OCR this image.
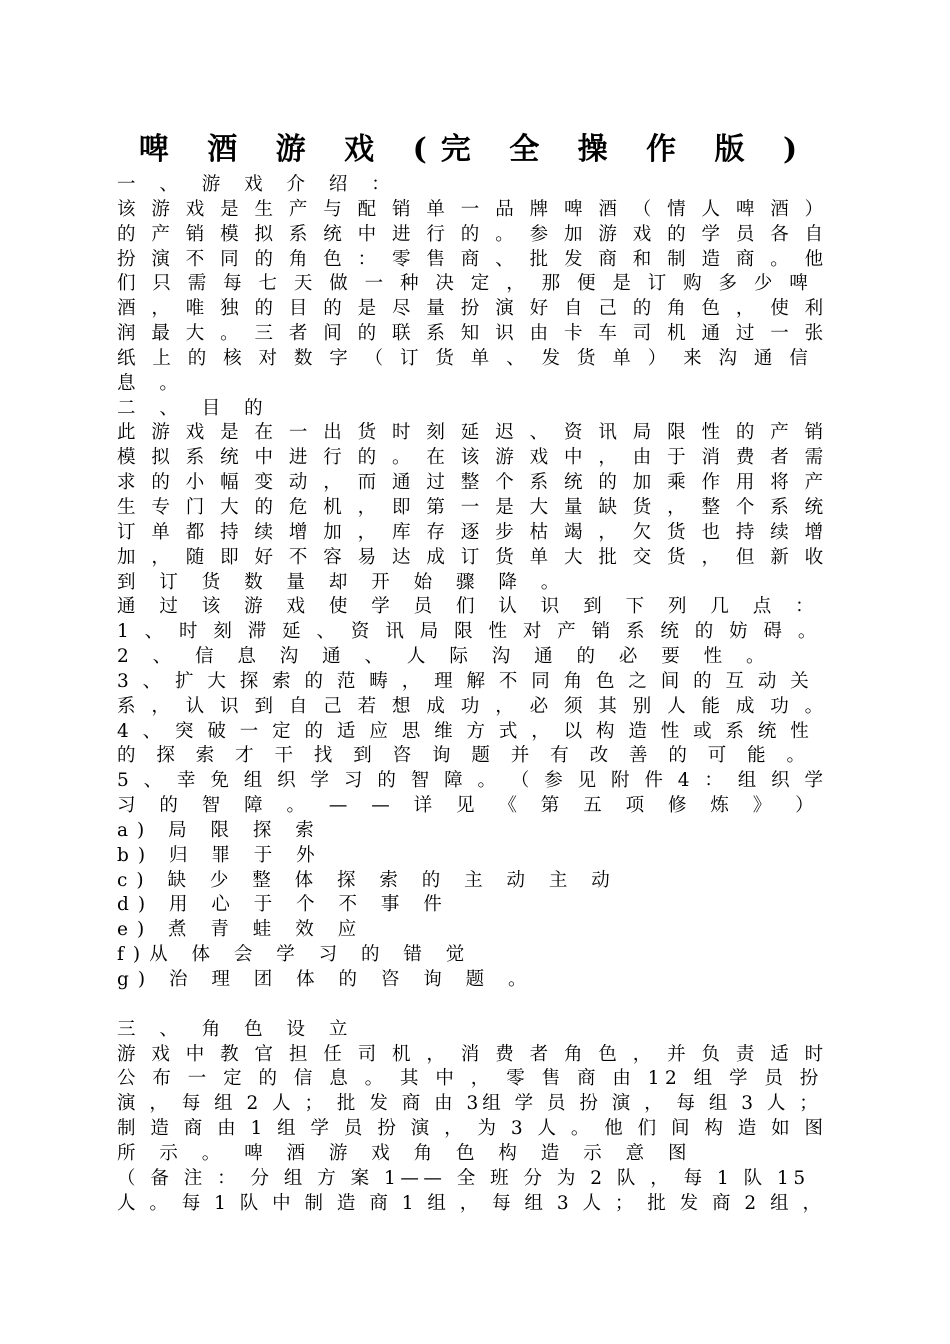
啤 酒 游 戏 (完 全 操 作 版 )
一 、 游 戏 介 绍 ：
该 游 戏 是 生 产 与 配 销 单 一 品 牌 啤 酒 （ 情 人 啤 酒 ）
的 产 销 模 拟 系 统 中 进 行 的 。 参 加 游 戏 的 学 员 各 自
扮 演 不 同 的 角 色 ： 零 售 商 、 批 发 商 和 制 造 商 。 他
们 只 需 每 七 天 做 一 种 决 定 ， 那 便 是 订 购 多 少 啤
酒 ， 唯 独 的 目 的 是 尽 量 扮 演 好 自 己 的 角 色 ， 使 利
润 最 大 。 三 者 间 的 联 系 知 识 由 卡 车 司 机 通 过 一 张
纸 上 的 核 对 数 字 （ 订 货 单 、 发 货 单 ） 来 沟 通 信
息 。
二 、 目 的
此 游 戏 是 在 一 出 货 时 刻 延 迟 、 资 讯 局 限 性 的 产 销
模 拟 系 统 中 进 行 的 。 在 该 游 戏 中 ， 由 于 消 费 者 需
求 的 小 幅 变 动 ， 而 通 过 整 个 系 统 的 加 乘 作 用 将 产
生 专 门 大 的 危 机 ， 即 第 一 是 大 量 缺 货 ， 整 个 系 统
订 单 都 持 续 增 加 ， 库 存 逐 步 枯 竭 ， 欠 货 也 持 续 增
加 ， 随 即 好 不 容 易 达 成 订 货 单 大 批 交 货 ， 但 新 收
到 订 货 数 量 却 开 始 骤 降 。
通 过 该 游 戏 使 学 员 们 认 识 到 下 列 几 点 ：
1 、 时 刻 滞 延 、 资 讯 局 限 性 对 产 销 系 统 的 妨 碍 。
2 、 信 息 沟 通 、 人 际 沟 通 的 必 要 性 。
3 、 扩 大 探 索 的 范 畴 ， 理 解 不 同 角 色 之 间 的 互 动 关
系 ， 认 识 到 自 己 若 想 成 功 ， 必 须 其 别 人 能 成 功 。
4 、 突 破 一 定 的 适 应 思 维 方 式 ， 以 构 造 性 或 系 统 性
的 探 索 才 干 找 到 咨 询 题 并 有 改 善 的 可 能 。
5 、 幸 免 组 织 学 习 的 智 障 。 （ 参 见 附 件 4 ： 组 织 学
习 的 智 障 。 — — 详 见 《 第 五 项 修 炼 》 ）
a) 局 限 探 索
b) 归 罪 于 外
c) 缺 少 整 体 探 索 的 主 动 主 动
d) 用 心 于 个 不 事 件
e) 煮 青 蛙 效 应
f)从 体 会 学 习 的 错 觉
g) 治 理 团 体 的 咨 询 题 。
三 、 角 色 设 立
游 戏 中 教 官 担 任 司 机 ， 消 费 者 角 色 ， 并 负 责 适 时
公 布 一 定 的 信 息 。 其 中 ， 零 售 商 由 12 组 学 员 扮
演 ， 每 组 2 人 ； 批 发 商 由 3组 学 员 扮 演 ， 每 组 3 人 ；
制 造 商 由 1 组 学 员 扮 演 ， 为 3 人 。 他 们 间 构 造 如 图
所 示 。 啤 酒 游 戏 角 色 构 造 示 意 图
（ 备 注 ： 分 组 方 案 1—— 全 班 分 为 2 队 ， 每 1 队 15
人 。 每 1 队 中 制 造 商 1 组 ， 每 组 3 人 ； 批 发 商 2 组 ，
